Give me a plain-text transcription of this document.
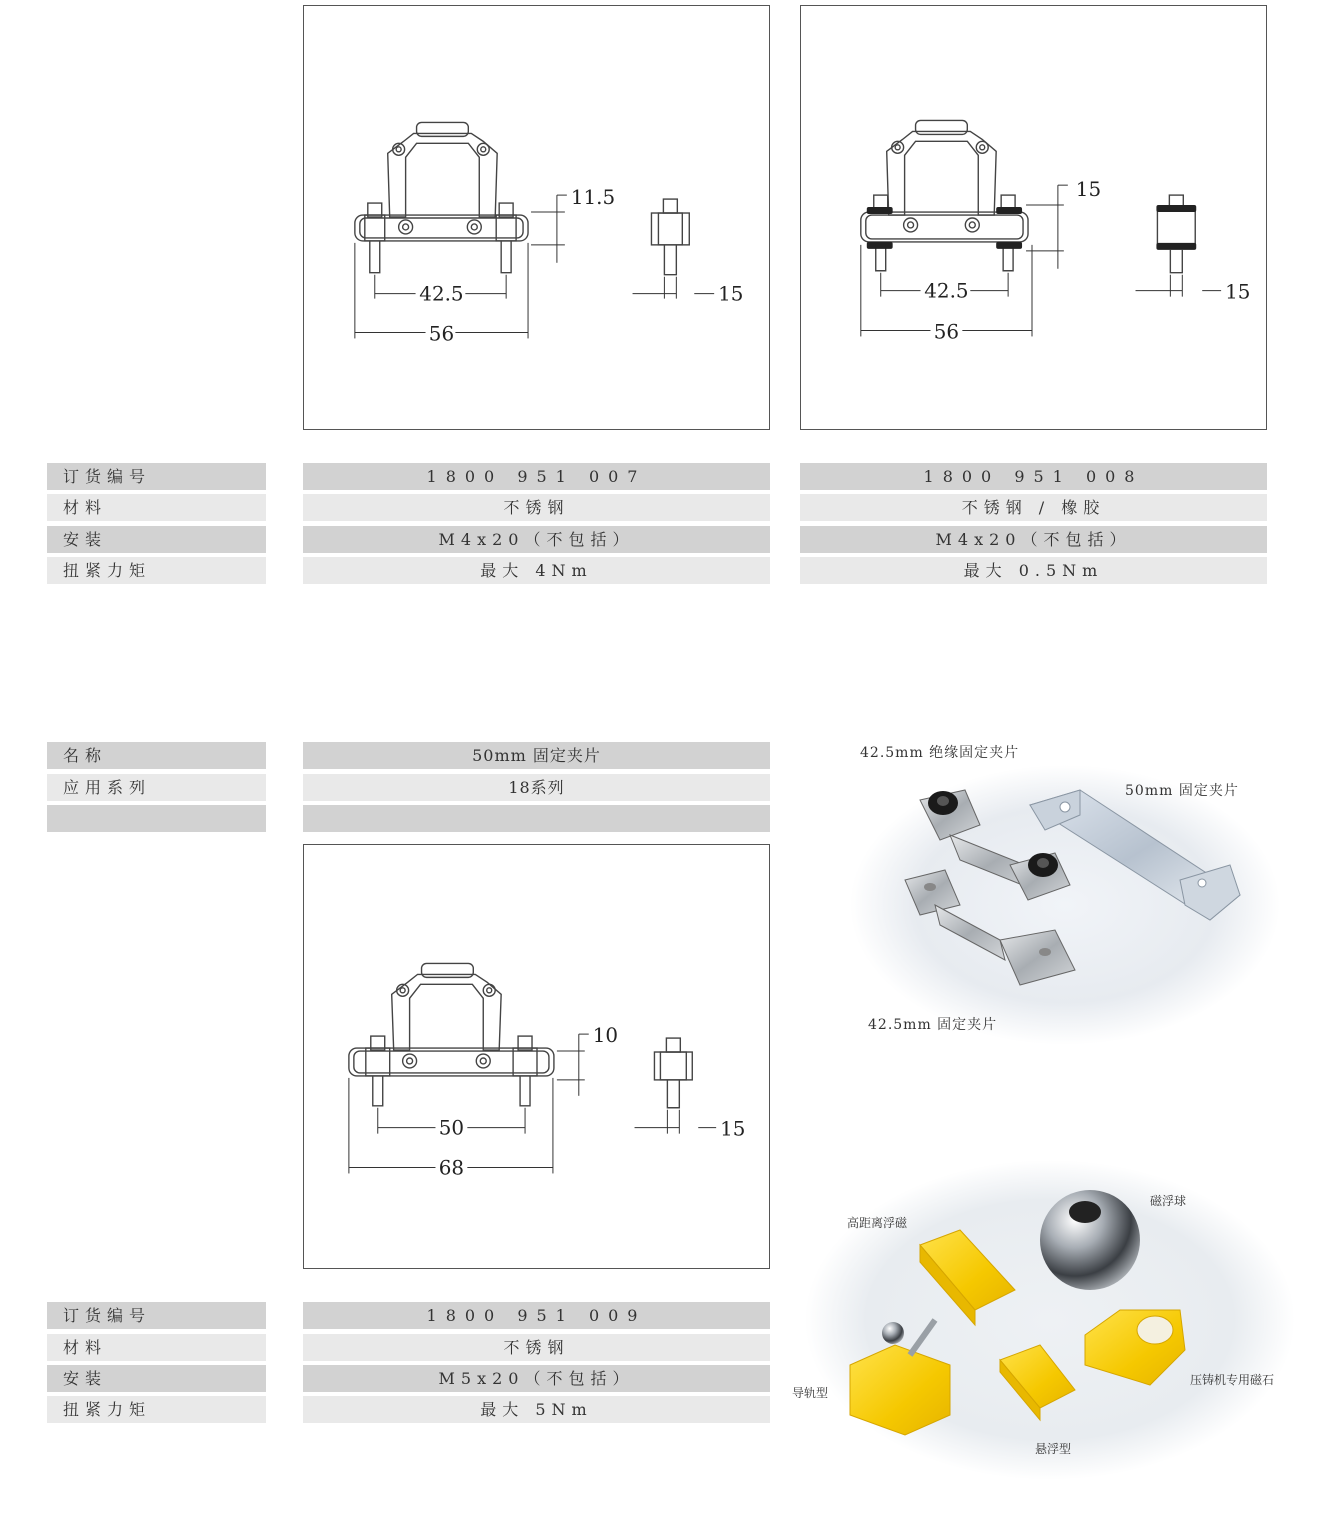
11.5
42.5
56
15
15
42.5
56
15
订货编号
材料
安装
扭紧力矩
1800 951 007
不锈钢
M4x20（不包括）
最大 4Nm
1800 951 008
不锈钢 / 橡胶
M4x20（不包括）
最大 0.5Nm
名称
应用系列
50mm 固定夹片
18系列
10
50
68
15
订货编号
材料
安装
扭紧力矩
1800 951 009
不锈钢
M5x20（不包括）
最大 5Nm
42.5mm 绝缘固定夹片
50mm 固定夹片
42.5mm 固定夹片
磁浮球
高距离浮磁
导轨型
压铸机专用磁石
悬浮型
